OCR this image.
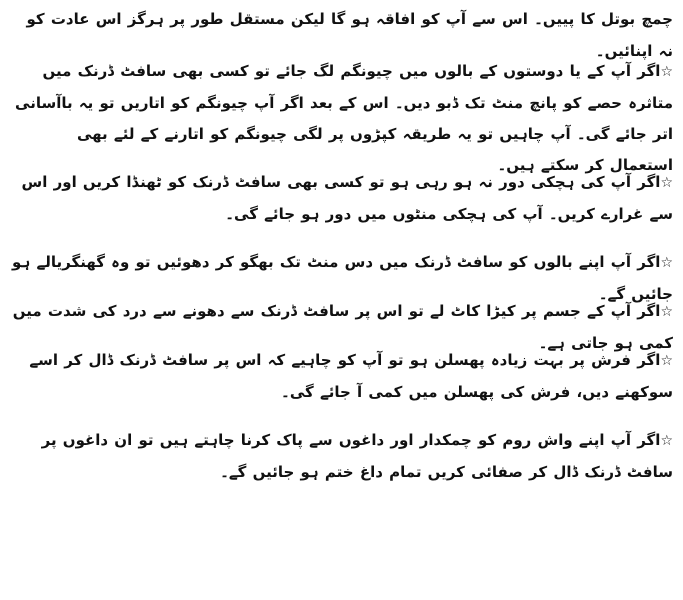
چمچ بوتل کا پییں۔ اس سے آپ کو افاقہ ہو گا لیکن مستقل طور پر ہرگز اس عادت کو نہ اپنائیں۔

☆اگر آپ کے یا دوستوں کے بالوں میں چیونگم لگ جائے تو کسی بھی سافٹ ڈرنک میں متاثرہ حصے کو پانچ منٹ تک ڈبو دیں۔ اس کے بعد اگر آپ چیونگم کو اتاریں تو یہ باآسانی اتر جائے گی۔ آپ چاہیں تو یہ طریقہ کپڑوں پر لگی چیونگم کو اتارنے کے لئے بھی استعمال کر سکتے ہیں۔

☆اگر آپ کی ہچکی دور نہ ہو رہی ہو تو کسی بھی سافٹ ڈرنک کو ٹھنڈا کریں اور اس سے غرارے کریں۔ آپ کی ہچکی منٹوں میں دور ہو جائے گی۔

☆اگر آپ اپنے بالوں کو سافٹ ڈرنک میں دس منٹ تک بھگو کر دھوئیں تو وہ گھنگریالے ہو جائیں گے۔

☆اگر آپ کے جسم پر کیڑا کاٹ لے تو اس پر سافٹ ڈرنک سے دھونے سے درد کی شدت میں کمی ہو جاتی ہے۔

☆اگر فرش پر بہت زیادہ پھسلن ہو تو آپ کو چاہیے کہ اس پر سافٹ ڈرنک ڈال کر اسے سوکھنے دیں، فرش کی پھسلن میں کمی آ جائے گی۔

☆اگر آپ اپنے واش روم کو چمکدار اور داغوں سے پاک کرنا چاہتے ہیں تو ان داغوں پر سافٹ ڈرنک ڈال کر صفائی کریں تمام داغ ختم ہو جائیں گے۔
